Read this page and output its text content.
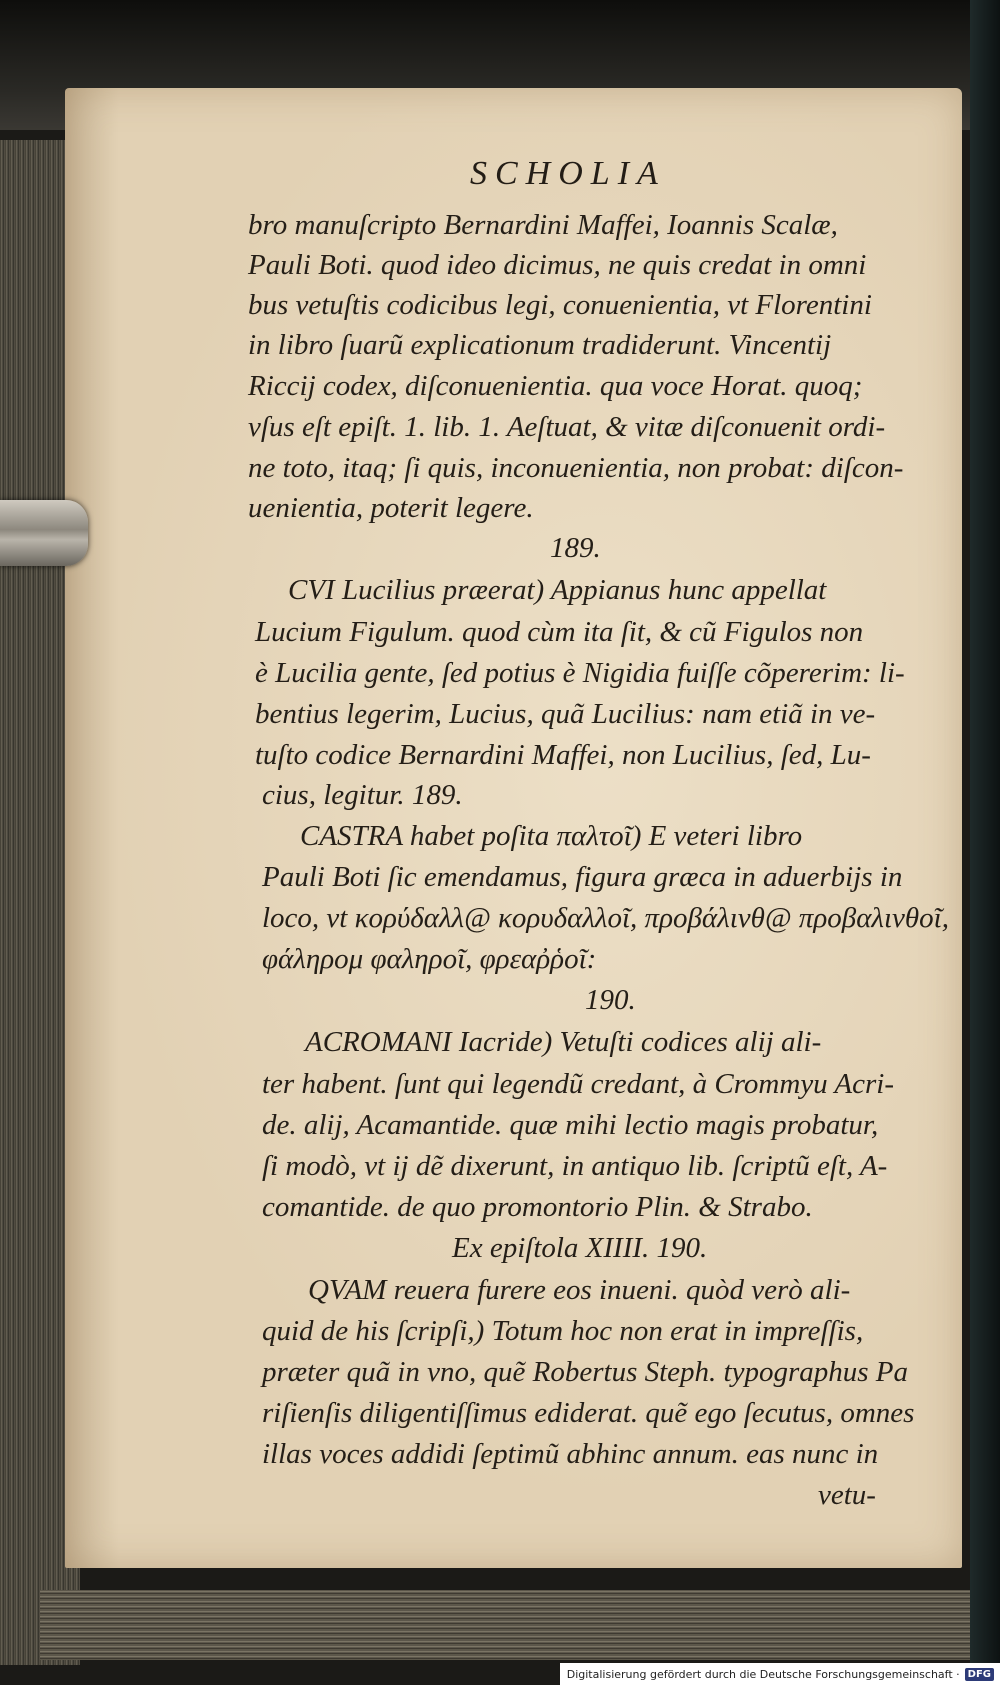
SCHOLIA
bro manuſcripto Bernardini Maffei, Ioannis Scalæ,
Pauli Boti. quod ideo dicimus, ne quis credat in omni
bus vetuſtis codicibus legi, conuenientia, vt Florentini
in libro ſuarũ explicationum tradiderunt. Vincentij
Riccij codex, diſconuenientia. qua voce Horat. quoq;
vſus eſt epiſt. 1. lib. 1. Aeſtuat, & vitæ diſconuenit ordi-
ne toto, itaq; ſi quis, inconuenientia, non probat: diſcon-
uenientia, poterit legere.
189.
CVI Lucilius præerat) Appianus hunc appellat
Lucium Figulum. quod cùm ita ſit, & cũ Figulos non
è Lucilia gente, ſed potius è Nigidia fuiſſe cõpererim: li-
bentius legerim, Lucius, quã Lucilius: nam etiã in ve-
tuſto codice Bernardini Maffei, non Lucilius, ſed, Lu-
cius, legitur. 189.
CASTRA habet poſita παλτοῖ) E veteri libro
Pauli Boti ſic emendamus, figura græca in aduerbijs in
loco, vt κορύδαλλ@ κορυδαλλοῖ, προβάλινθ@ προβαλινθοῖ,
φάληρομ φαληροῖ, φρεαῤῥοῖ:
190.
ACROMANI Iacride) Vetuſti codices alij ali-
ter habent. ſunt qui legendũ credant, à Crommyu Acri-
de. alij, Acamantide. quæ mihi lectio magis probatur,
ſi modò, vt ij dẽ dixerunt, in antiquo lib. ſcriptũ eſt, A-
comantide. de quo promontorio Plin. & Strabo.
Ex epiſtola XIIII. 190.
QVAM reuera furere eos inueni. quòd verò ali-
quid de his ſcripſi,) Totum hoc non erat in impreſſis,
præter quã in vno, quẽ Robertus Steph. typographus Pa
riſienſis diligentiſſimus ediderat. quẽ ego ſecutus, omnes
illas voces addidi ſeptimũ abhinc annum. eas nunc in
vetu-
Digitalisierung gefördert durch die Deutsche Forschungsgemeinschaft · DFG
